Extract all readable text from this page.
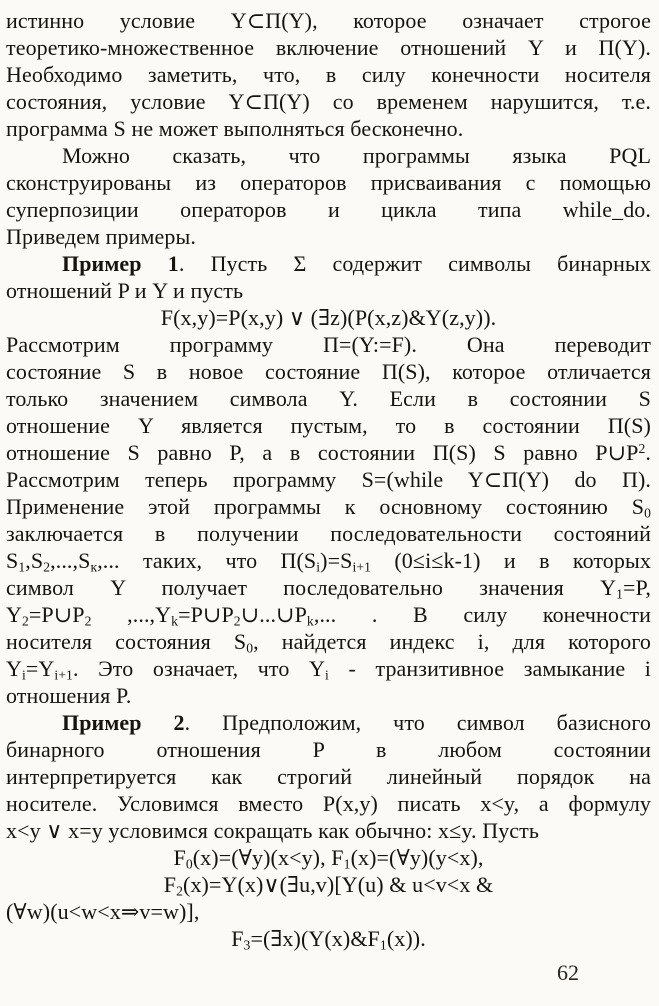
истинно условие Y⊂П(Y), которое означает строгое
теоретико-множественное включение отношений Y и П(Y).
Необходимо заметить, что, в силу конечности носителя
состояния, условие Y⊂П(Y) со временем нарушится, т.е.
программа S не может выполняться бесконечно.
Можно сказать, что программы языка PQL
сконструированы из операторов присваивания с помощью
суперпозиции операторов и цикла типа while_do.
Приведем примеры.
Пример 1. Пусть Σ содержит символы бинарных
отношений P и Y и пусть
F(x,y)=P(x,y) ∨ (∃z)(P(x,z)&Y(z,y)).
Рассмотрим программу П=(Y:=F). Она переводит
состояние S в новое состояние П(S), которое отличается
только значением символа Y. Если в состоянии S
отношение Y является пустым, то в состоянии П(S)
отношение S равно P, а в состоянии П(S) S равно $P\cup P^2$.
Рассмотрим теперь программу S=(while Y⊂П(Y) do П).
Применение этой программы к основному состоянию $S_0$
заключается в получении последовательности состояний
$S_1,S_2,...,S_к$,... таких, что $П(S_i)=S_{i+1}$ (0≤i≤k-1) и в которых
символ Y получает последовательно значения $Y_1=P$,
$Y_2=P\cup P_2$ $,...,Y_k=P\cup P_2\cup...\cup P_k$,... . В силу конечности
носителя состояния $S_0$, найдется индекс i, для которого
$Y_i=Y_{i+1}$. Это означает, что $Y_i$ - транзитивное замыкание i
отношения P.
Пример 2. Предположим, что символ базисного
бинарного отношения P в любом состоянии
интерпретируется как строгий линейный порядок на
носителе. Условимся вместо P(x,y) писать x<y, а формулу
x<y ∨ x=y условимся сокращать как обычно: x≤y. Пусть
$F_0(x)=(\forall y)(x<y)$, $F_1(x)=(\forall y)(y<x)$,
$F_2(x)=Y(x)\vee(\exists u,v)[Y(u)$ & u<v<x &
(∀w)(u<w<x⇒v=w)],
$F_3=(\exists x)(Y(x)\&F_1(x))$.
62
